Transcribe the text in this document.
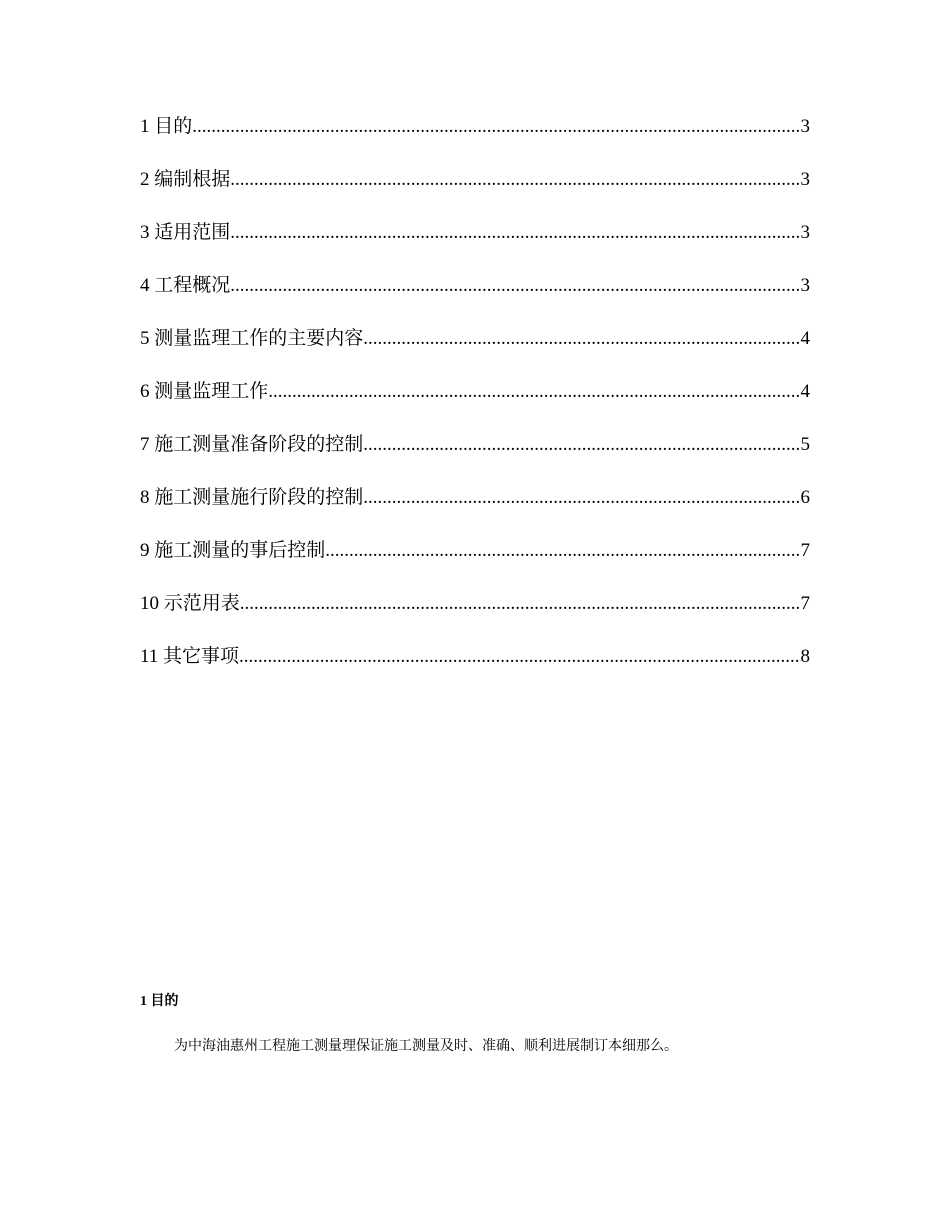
1 目的 .....	3
2 编制根据 .....	3
3 适用范围 .....	3
4 工程概况 .....	3
5 测量监理工作的主要内容 .....	4
6 测量监理工作 .....	4
7 施工测量准备阶段的控制 .....	5
8 施工测量施行阶段的控制 .....	6
9 施工测量的事后控制 .....	7
10 示范用表 .....	7
11 其它事项 .....	8
1 目的
为中海油惠州工程施工测量理保证施工测量及时、准确、顺利进展制订本细那么。
